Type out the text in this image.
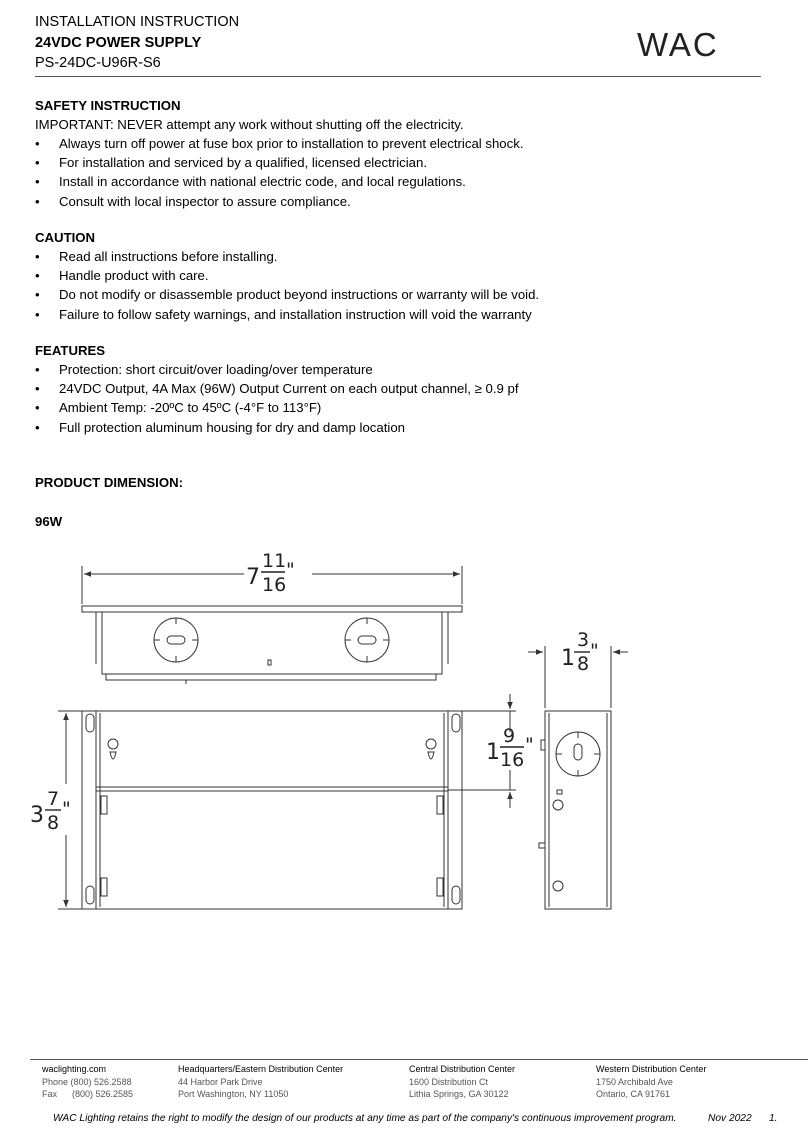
INSTALLATION INSTRUCTION
24VDC POWER SUPPLY
PS-24DC-U96R-S6	WAC
SAFETY INSTRUCTION
IMPORTANT: NEVER attempt any work without shutting off the electricity.
• Always turn off power at fuse box prior to installation to prevent electrical shock.
• For installation and serviced by a qualified, licensed electrician.
• Install in accordance with national electric code, and local regulations.
• Consult with local inspector to assure compliance.
CAUTION
• Read all instructions before installing.
• Handle product with care.
• Do not modify or disassemble product beyond instructions or warranty will be void.
• Failure to follow safety warnings, and installation instruction will void the warranty
FEATURES
• Protection: short circuit/over loading/over temperature
• 24VDC Output, 4A Max (96W) Output Current on each output channel, ≥ 0.9 pf
• Ambient Temp: -20ºC to 45ºC (-4°F to 113°F)
• Full protection aluminum housing for dry and damp location
PRODUCT DIMENSION:
96W
7
11
16
"
3
7
8
"
1
9
16
"
1
3
8
"
waclighting.com
Phone (800) 526.2588
Fax      (800) 526.2585
Headquarters/Eastern Distribution Center
44 Harbor Park Drive
Port Washington, NY 11050
Central Distribution Center
1600 Distribution Ct
Lithia Springs, GA 30122
Western Distribution Center
1750 Archibald Ave
Ontario, CA 91761
WAC Lighting retains the right to modify the design of our products at any time as part of the company's continuous improvement program.	Nov 2022 1.
